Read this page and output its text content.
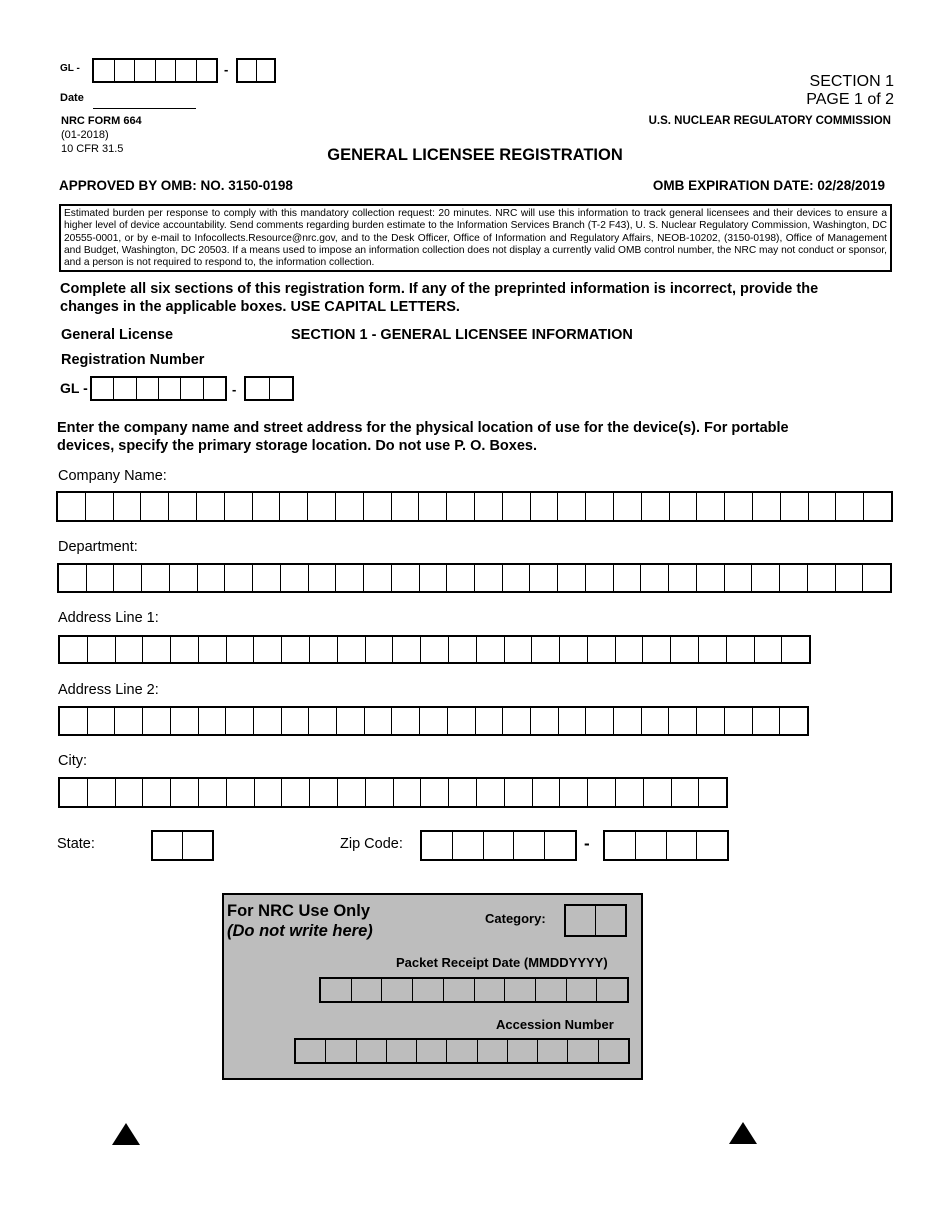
GL -	-
Date
NRC FORM 664
(01-2018)
10 CFR 31.5
SECTION 1
PAGE 1 of 2
U.S. NUCLEAR REGULATORY COMMISSION
GENERAL LICENSEE REGISTRATION
APPROVED BY OMB: NO. 3150-0198	OMB EXPIRATION DATE: 02/28/2019
Estimated burden per response to comply with this mandatory collection request: 20 minutes. NRC will use this information to track general licensees and their devices to ensure a higher level of device accountability. Send comments regarding burden estimate to the Information Services Branch (T-2 F43), U. S. Nuclear Regulatory Commission, Washington, DC 20555-0001, or by e-mail to Infocollects.Resource@nrc.gov, and to the Desk Officer, Office of Information and Regulatory Affairs, NEOB-10202, (3150-0198), Office of Management and Budget, Washington, DC 20503. If a means used to impose an information collection does not display a currently valid OMB control number, the NRC may not conduct or sponsor, and a person is not required to respond to, the information collection.
Complete all six sections of this registration form. If any of the preprinted information is incorrect, provide the
changes in the applicable boxes. USE CAPITAL LETTERS.
General License
Registration Number
SECTION 1 - GENERAL LICENSEE INFORMATION
GL -	-
Enter the company name and street address for the physical location of use for the device(s). For portable
devices, specify the primary storage location. Do not use P. O. Boxes.
Company Name:
Department:
Address Line 1:
Address Line 2:
City:
State:	Zip Code:	-
For NRC Use Only
(Do not write here)
Category:
Packet Receipt Date (MMDDYYYY)
Accession Number
